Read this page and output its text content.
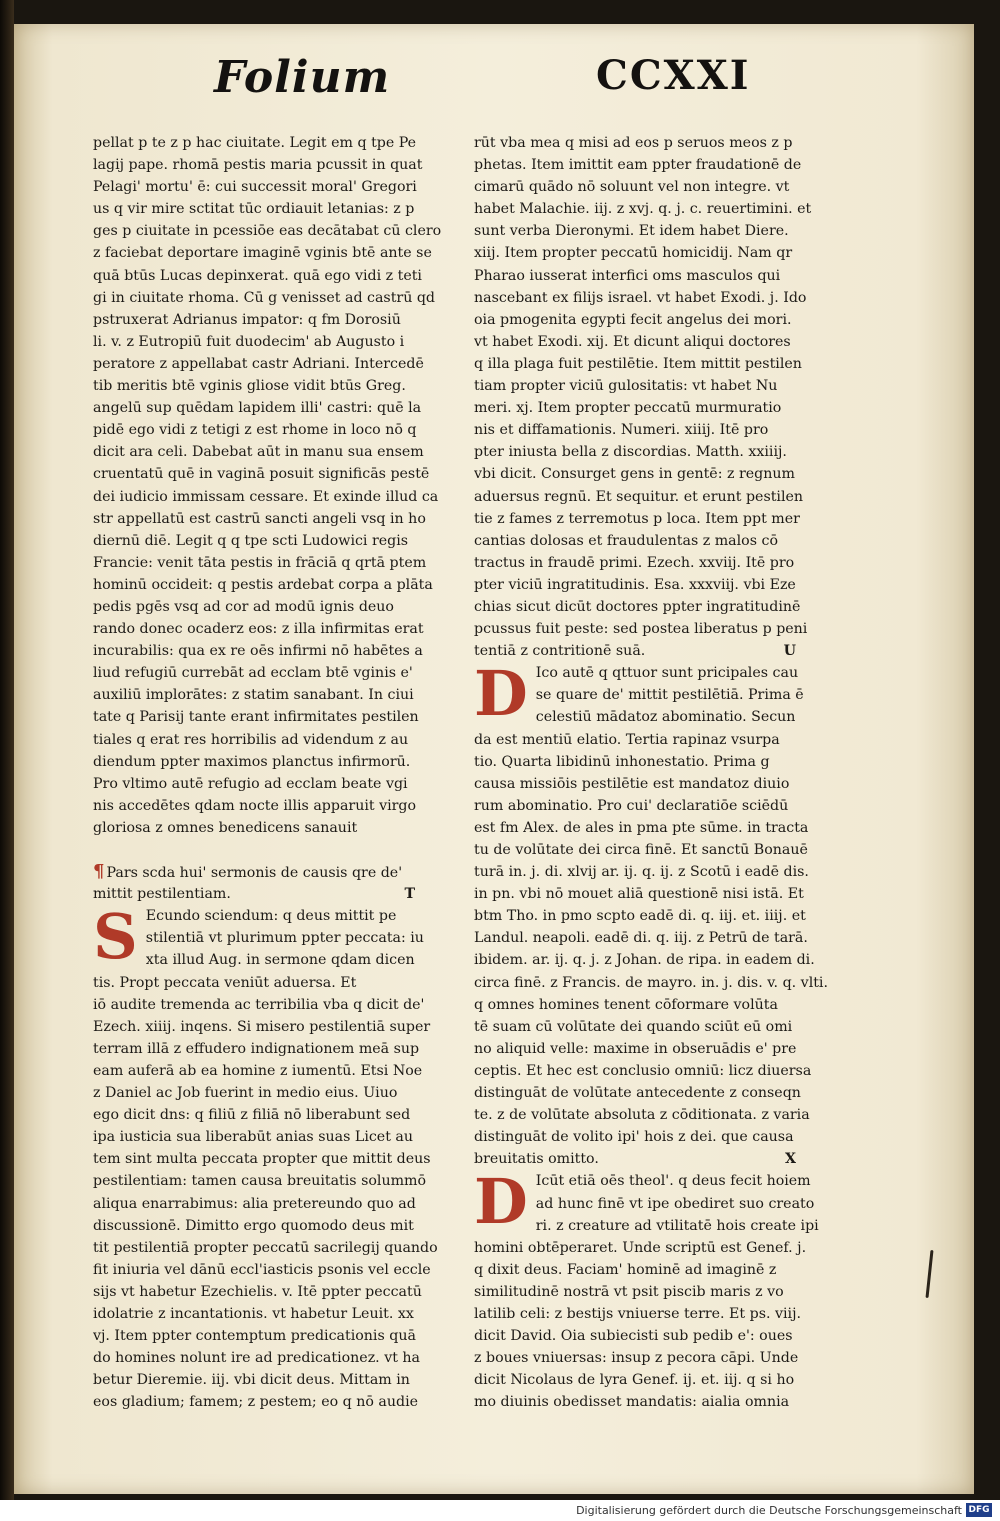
Folium	CCXXI
pellat p te z p hac ciuitate. Legit em q tpe Pe
lagij pape. rhomā pestis maria pcussit in quat
Pelagi' mortu' ē: cui successit moral' Gregori
us q vir mire sctitat tūc ordiauit letanias: z p
ges p ciuitate in pcessiōe eas decātabat cū clero
z faciebat deportare imaginē vginis btē ante se
quā btūs Lucas depinxerat. quā ego vidi z teti
gi in ciuitate rhoma. Cū g venisset ad castrū qd
pstruxerat Adrianus impator: q fm Dorosiū
li. v. z Eutropiū fuit duodecim' ab Augusto i
peratore z appellabat castr Adriani. Intercedē
tib meritis btē vginis gliose vidit btūs Greg.
angelū sup quēdam lapidem illi' castri: quē la
pidē ego vidi z tetigi z est rhome in loco nō q
dicit ara celi. Dabebat aūt in manu sua ensem
cruentatū quē in vaginā posuit significās pestē
dei iudicio immissam cessare. Et exinde illud ca
str appellatū est castrū sancti angeli vsq in ho
diernū diē. Legit q q tpe scti Ludowici regis
Francie: venit tāta pestis in frāciā q qrtā ptem
hominū occideit: q pestis ardebat corpa a plāta
pedis pgēs vsq ad cor ad modū ignis deuo
rando donec ocaderz eos: z illa infirmitas erat
incurabilis: qua ex re oēs infirmi nō habētes a
liud refugiū currebāt ad ecclam btē vginis e'
auxiliū implorātes: z statim sanabant. In ciui
tate q Parisij tante erant infirmitates pestilen
tiales q erat res horribilis ad videndum z au
diendum ppter maximos planctus infirmorū.
Pro vltimo autē refugio ad ecclam beate vgi
nis accedētes qdam nocte illis apparuit virgo
gloriosa z omnes benedicens sanauit
¶ Pars scda hui' sermonis de causis qre de'
mittit pestilentiam.	T
S Ecundo sciendum: q deus mittit pe
stilentiā vt plurimum ppter peccata: iu
xta illud Aug. in sermone qdam dicen
tis. Propt peccata veniūt aduersa. Et
iō audite tremenda ac terribilia vba q dicit de'
Ezech. xiiij. inqens. Si misero pestilentiā super
terram illā z effudero indignationem meā sup
eam auferā ab ea homine z iumentū. Etsi Noe
z Daniel ac Job fuerint in medio eius. Uiuo
ego dicit dns: q filiū z filiā nō liberabunt sed
ipa iusticia sua liberabūt anias suas Licet au
tem sint multa peccata propter que mittit deus
pestilentiam: tamen causa breuitatis solummō
aliqua enarrabimus: alia pretereundo quo ad
discussionē. Dimitto ergo quomodo deus mit
tit pestilentiā propter peccatū sacrilegij quando
fit iniuria vel dānū eccl'iasticis psonis vel eccle
sijs vt habetur Ezechielis. v. Itē ppter peccatū
idolatrie z incantationis. vt habetur Leuit. xx
vj. Item ppter contemptum predicationis quā
do homines nolunt ire ad predicationez. vt ha
betur Dieremie. iij. vbi dicit deus. Mittam in
eos gladium; famem; z pestem; eo q nō audie
rūt vba mea q misi ad eos p seruos meos z p
phetas. Item imittit eam ppter fraudationē de
cimarū quādo nō soluunt vel non integre. vt
habet Malachie. iij. z xvj. q. j. c. reuertimini. et
sunt verba Dieronymi. Et idem habet Diere.
xiij. Item propter peccatū homicidij. Nam qr
Pharao iusserat interfici oms masculos qui
nascebant ex filijs israel. vt habet Exodi. j. Ido
oia pmogenita egypti fecit angelus dei mori.
vt habet Exodi. xij. Et dicunt aliqui doctores
q illa plaga fuit pestilētie. Item mittit pestilen
tiam propter viciū gulositatis: vt habet Nu
meri. xj. Item propter peccatū murmuratio
nis et diffamationis. Numeri. xiiij. Itē pro
pter iniusta bella z discordias. Matth. xxiiij.
vbi dicit. Consurget gens in gentē: z regnum
aduersus regnū. Et sequitur. et erunt pestilen
tie z fames z terremotus p loca. Item ppt mer
cantias dolosas et fraudulentas z malos cō
tractus in fraudē primi. Ezech. xxviij. Itē pro
pter viciū ingratitudinis. Esa. xxxviij. vbi Eze
chias sicut dicūt doctores ppter ingratitudinē
pcussus fuit peste: sed postea liberatus p peni
tentiā z contritionē suā.	U
D Ico autē q qttuor sunt pricipales cau
se quare de' mittit pestilētiā. Prima ē
celestiū mādatoz abominatio. Secun
da est mentiū elatio. Tertia rapinaz vsurpa
tio. Quarta libidinū inhonestatio. Prima g
causa missiōis pestilētie est mandatoz diuio
rum abominatio. Pro cui' declaratiōe sciēdū
est fm Alex. de ales in pma pte sūme. in tracta
tu de volūtate dei circa finē. Et sanctū Bonauē
turā in. j. di. xlvij ar. ij. q. ij. z Scotū i eadē dis.
in pn. vbi nō mouet aliā questionē nisi istā. Et
btm Tho. in pmo scpto eadē di. q. iij. et. iiij. et
Landul. neapoli. eadē di. q. iij. z Petrū de tarā.
ibidem. ar. ij. q. j. z Johan. de ripa. in eadem di.
circa finē. z Francis. de mayro. in. j. dis. v. q. vlti.
q omnes homines tenent cōformare volūta
tē suam cū volūtate dei quando sciūt eū omi
no aliquid velle: maxime in obseruādis e' pre
ceptis. Et hec est conclusio omniū: licz diuersa
distinguāt de volūtate antecedente z conseqn
te. z de volūtate absoluta z cōditionata. z varia
distinguāt de volito ipi' hois z dei. que causa
breuitatis omitto.	X
D Icūt etiā oēs theol'. q deus fecit hoiem
ad hunc finē vt ipe obediret suo creato
ri. z creature ad vtilitatē hois create ipi
homini obtēperaret. Unde scriptū est Genef. j.
q dixit deus. Faciam' hominē ad imaginē z
similitudinē nostrā vt psit piscib maris z vo
latilib celi: z bestijs vniuerse terre. Et ps. viij.
dicit David. Oia subiecisti sub pedib e': oues
z boues vniuersas: insup z pecora cāpi. Unde
dicit Nicolaus de lyra Genef. ij. et. iij. q si ho
mo diuinis obedisset mandatis: aialia omnia
Digitalisierung gefördert durch die Deutsche Forschungsgemeinschaft DFG
